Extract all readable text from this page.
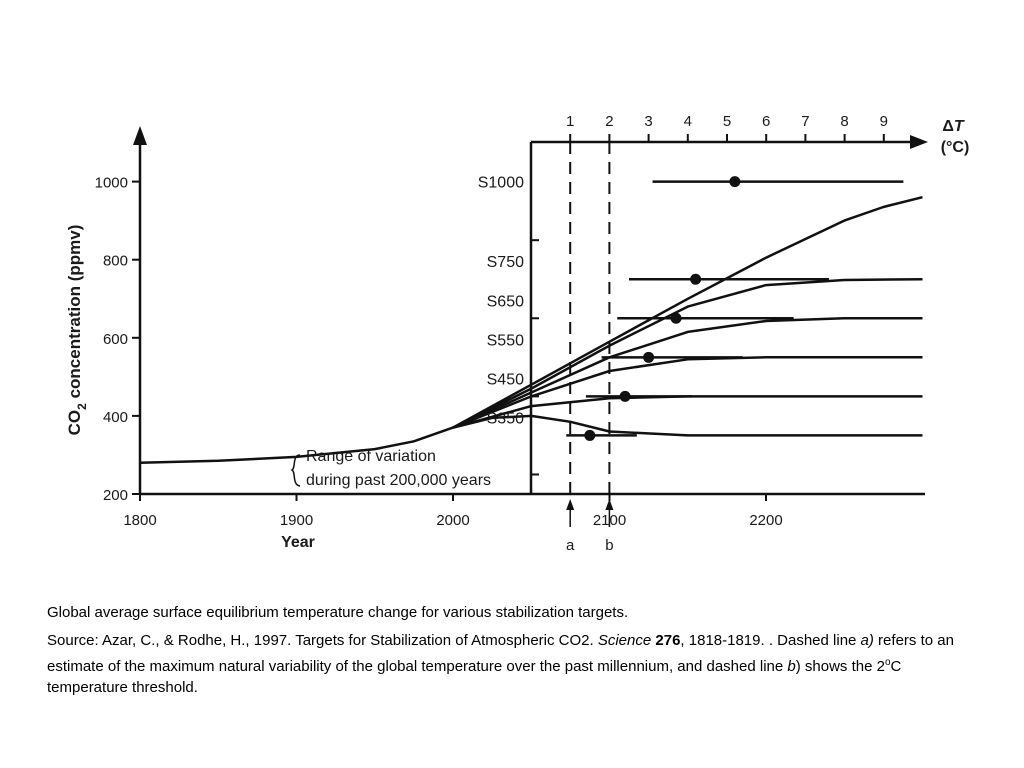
200
400
600
800
1000
1800	1900	2000	2100	2200
$CO_2$ concentration (ppmv)
Year
S1000
S750
S650
S550
S450
S350
Range of variation
during past 200,000 years
1 2 3 4 5 6 7 8 9	ΔT
(°C)
a b
Global average surface equilibrium temperature change for various stabilization targets.
Source: Azar, C., & Rodhe, H., 1997. Targets for Stabilization of Atmospheric CO2. Science 276, 1818-1819. . Dashed line a) refers to an estimate of the maximum natural variability of the global temperature over the past millennium, and dashed line b) shows the 2$^o$C temperature threshold.
